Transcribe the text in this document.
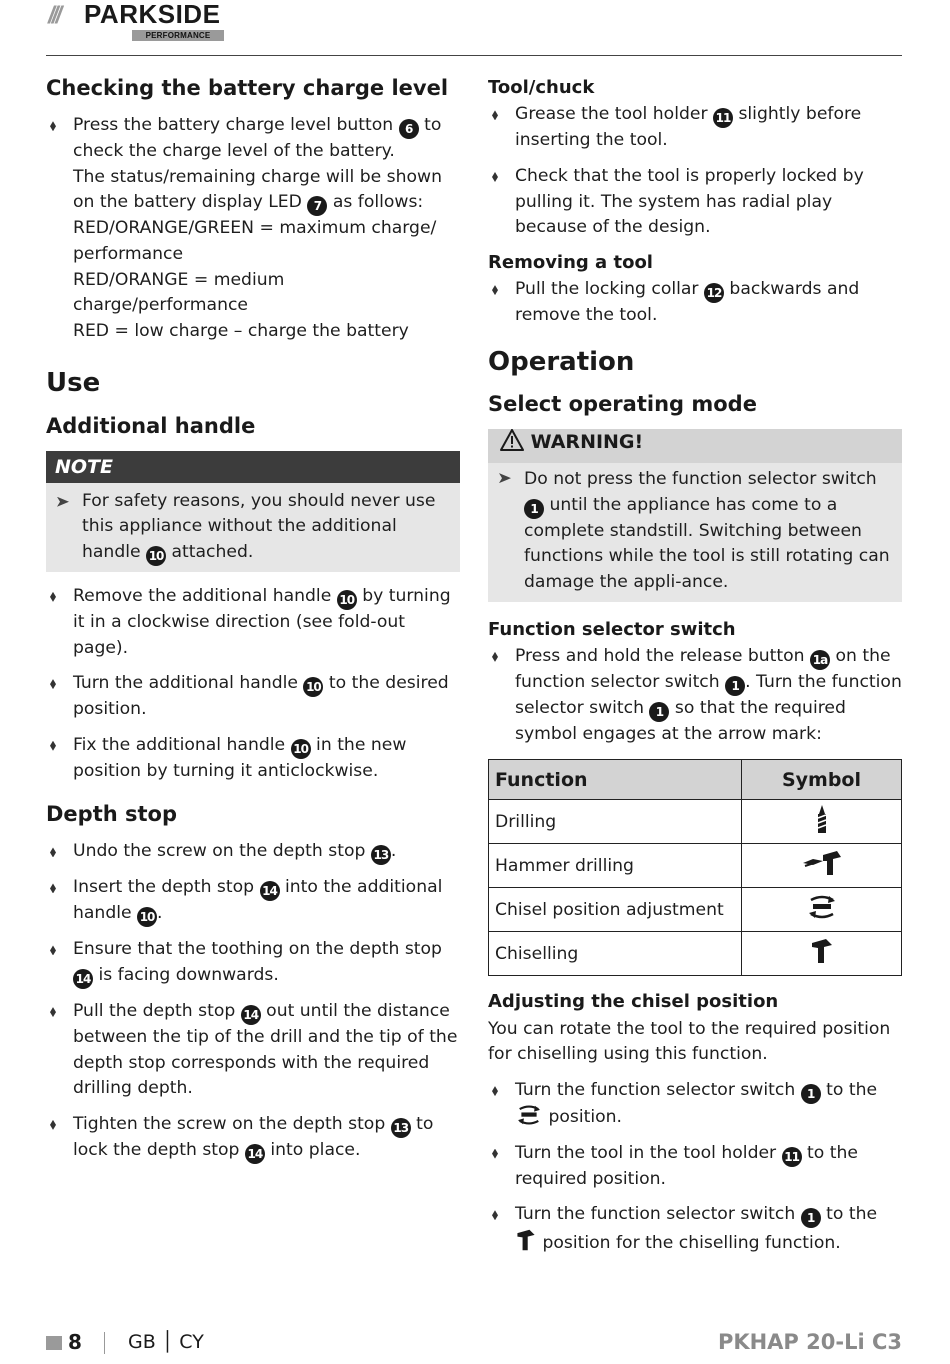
/// PARKSIDE
PERFORMANCE
Checking the battery charge level
Press the battery charge level button 6 to check the charge level of the battery.
The status/remaining charge will be shown on the battery display LED 7 as follows:
RED/ORANGE/GREEN = maximum charge/ performance
RED/ORANGE = medium charge/performance
RED = low charge – charge the battery
Use
Additional handle
NOTE
For safety reasons, you should never use this appliance without the additional handle 10 attached.
Remove the additional handle 10 by turning it in a clockwise direction (see fold-out page).
Turn the additional handle 10 to the desired position.
Fix the additional handle 10 in the new position by turning it anticlockwise.
Depth stop
Undo the screw on the depth stop 13 .
Insert the depth stop 14 into the additional handle 10 .
Ensure that the toothing on the depth stop 14 is facing downwards.
Pull the depth stop 14 out until the distance between the tip of the drill and the tip of the depth stop corresponds with the required drilling depth.
Tighten the screw on the depth stop 13 to lock the depth stop 14 into place.
Tool/chuck
Grease the tool holder 11 slightly before inserting the tool.
Check that the tool is properly locked by pulling it. The system has radial play because of the design.
Removing a tool
Pull the locking collar 12 backwards and remove the tool.
Operation
Select operating mode
WARNING!
Do not press the function selector switch 1 until the appliance has come to a complete standstill. Switching between functions while the tool is still rotating can damage the appli-ance.
Function selector switch
Press and hold the release button 1a on the function selector switch 1 . Turn the function selector switch 1 so that the required symbol engages at the arrow mark:
Function	Symbol
Drilling	
Hammer drilling	
Chisel position adjustment	
Chiselling	
Adjusting the chisel position
You can rotate the tool to the required position for chiselling using this function.
Turn the function selector switch 1 to the  position.
Turn the tool in the tool holder 11 to the required position.
Turn the function selector switch 1 to the  position for the chiselling function.
8 GB │ CY	PKHAP 20-Li C3
